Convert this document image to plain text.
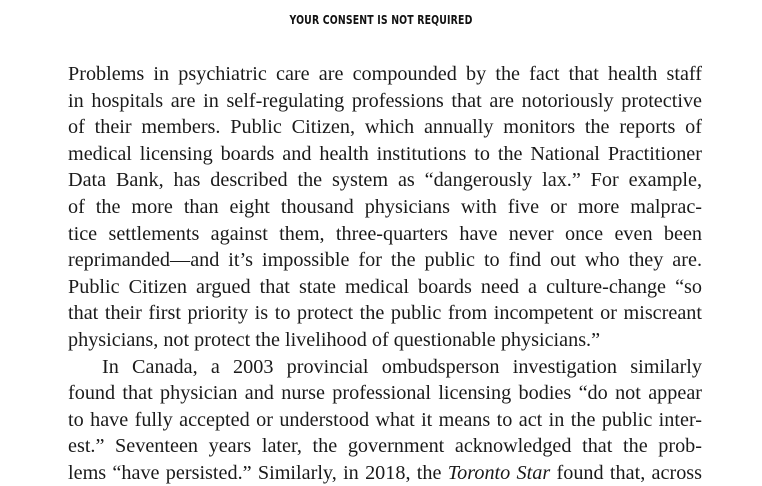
YOUR CONSENT IS NOT REQUIRED
Problems in psychiatric care are compounded by the fact that health staff
in hospitals are in self-regulating professions that are notoriously protective
of their members. Public Citizen, which annually monitors the reports of
medical licensing boards and health institutions to the National Practitioner
Data Bank, has described the system as “dangerously lax.” For example,
of the more than eight thousand physicians with five or more malprac-
tice settlements against them, three-quarters have never once even been
reprimanded—and it’s impossible for the public to find out who they are.
Public Citizen argued that state medical boards need a culture-change “so
that their first priority is to protect the public from incompetent or miscreant
physicians, not protect the livelihood of questionable physicians.”
In Canada, a 2003 provincial ombudsperson investigation similarly
found that physician and nurse professional licensing bodies “do not appear
to have fully accepted or understood what it means to act in the public inter-
est.” Seventeen years later, the government acknowledged that the prob-
lems “have persisted.” Similarly, in 2018, the Toronto Star found that, across
